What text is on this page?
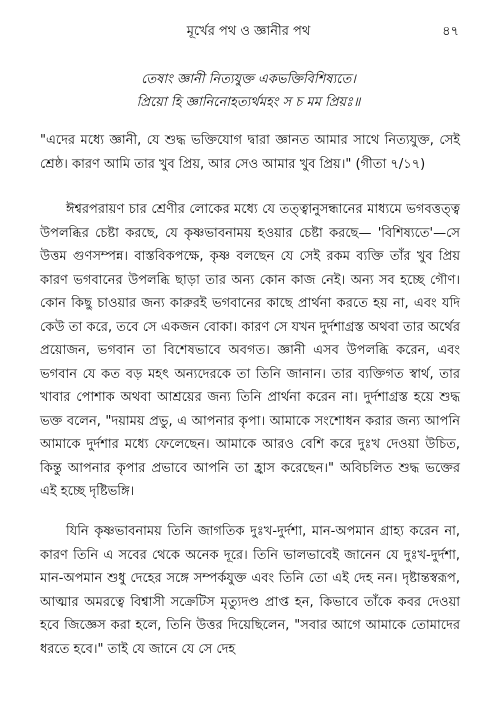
মূর্খের পথ ও জ্ঞানীর পথ	৪৭
তেষাং জ্ঞানী নিত্যযুক্ত একভক্তিবিশিষ্যতে।
প্রিয়ো হি জ্ঞানিনোহত্যর্থমহং স চ মম প্রিয়ঃ॥

"এদের মধ্যে জ্ঞানী, যে শুদ্ধ ভক্তিযোগ দ্বারা জ্ঞানত আমার সাথে নিত্যযুক্ত, সেই শ্রেষ্ঠ। কারণ আমি তার খুব প্রিয়, আর সেও আমার খুব প্রিয়।" (গীতা ৭/১৭)

ঈশ্বরপরায়ণ চার শ্রেণীর লোকের মধ্যে যে তত্ত্বানুসন্ধানের মাধ্যমে ভগবত্তত্ত্ব উপলব্ধির চেষ্টা করছে, যে কৃষ্ণভাবনাময় হওয়ার চেষ্টা করছে— 'বিশিষ্যতে'—সে উত্তম গুণসম্পন্ন। বাস্তবিকপক্ষে, কৃষ্ণ বলছেন যে সেই রকম ব্যক্তি তাঁর খুব প্রিয় কারণ ভগবানের উপলব্ধি ছাড়া তার অন্য কোন কাজ নেই। অন্য সব হচ্ছে গৌণ। কোন কিছু চাওয়ার জন্য কারুরই ভগবানের কাছে প্রার্থনা করতে হয় না, এবং যদি কেউ তা করে, তবে সে একজন বোকা। কারণ সে যখন দুর্দশাগ্রস্ত অথবা তার অর্থের প্রয়োজন, ভগবান তা বিশেষভাবে অবগত। জ্ঞানী এসব উপলব্ধি করেন, এবং ভগবান যে কত বড় মহৎ অন্যদেরকে তা তিনি জানান। তার ব্যক্তিগত স্বার্থ, তার খাবার পোশাক অথবা আশ্রয়ের জন্য তিনি প্রার্থনা করেন না। দুর্দশাগ্রস্ত হয়ে শুদ্ধ ভক্ত বলেন, "দয়াময় প্রভু, এ আপনার কৃপা। আমাকে সংশোধন করার জন্য আপনি আমাকে দুর্দশার মধ্যে ফেলেছেন। আমাকে আরও বেশি করে দুঃখ দেওয়া উচিত, কিন্তু আপনার কৃপার প্রভাবে আপনি তা হ্রাস করেছেন।" অবিচলিত শুদ্ধ ভক্তের এই হচ্ছে দৃষ্টিভঙ্গি।

যিনি কৃষ্ণভাবনাময় তিনি জাগতিক দুঃখ-দুর্দশা, মান-অপমান গ্রাহ্য করেন না, কারণ তিনি এ সবের থেকে অনেক দূরে। তিনি ভালভাবেই জানেন যে দুঃখ-দুর্দশা, মান-অপমান শুধু দেহের সঙ্গে সম্পর্কযুক্ত এবং তিনি তো এই দেহ নন। দৃষ্টান্তস্বরূপ, আত্মার অমরত্বে বিশ্বাসী সক্রেটিস মৃত্যুদণ্ড প্রাপ্ত হন, কিভাবে তাঁকে কবর দেওয়া হবে জিজ্ঞেস করা হলে, তিনি উত্তর দিয়েছিলেন, "সবার আগে আমাকে তোমাদের ধরতে হবে।" তাই যে জানে যে সে দেহ
